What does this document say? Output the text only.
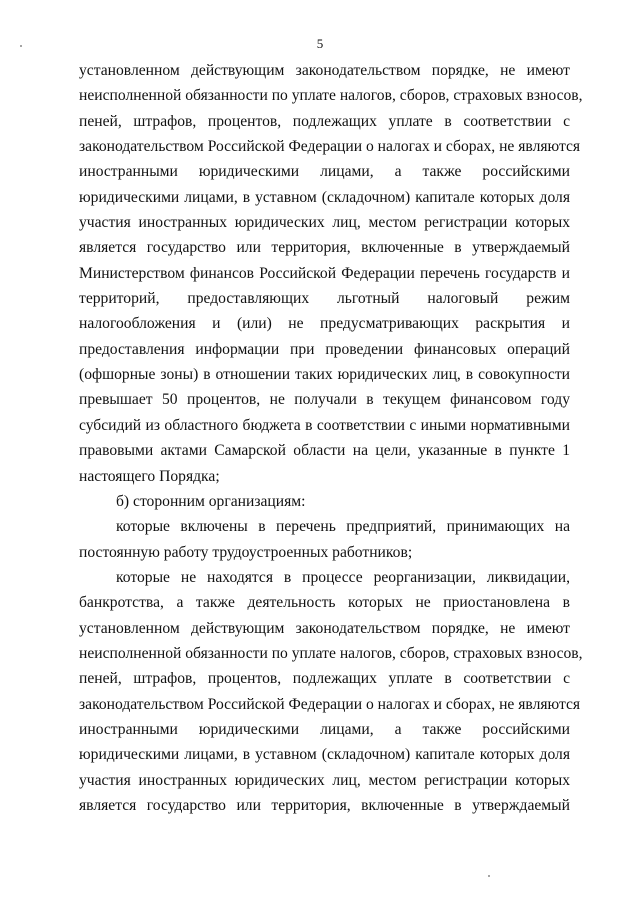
5
установленном действующим законодательством порядке, не имеют
неисполненной обязанности по уплате налогов, сборов, страховых взносов,
пеней, штрафов, процентов, подлежащих уплате в соответствии с
законодательством Российской Федерации о налогах и сборах, не являются
иностранными юридическими лицами, а также российскими
юридическими лицами, в уставном (складочном) капитале которых доля
участия иностранных юридических лиц, местом регистрации которых
является государство или территория, включенные в утверждаемый
Министерством финансов Российской Федерации перечень государств и
территорий, предоставляющих льготный налоговый режим
налогообложения и (или) не предусматривающих раскрытия и
предоставления информации при проведении финансовых операций
(офшорные зоны) в отношении таких юридических лиц, в совокупности
превышает 50 процентов, не получали в текущем финансовом году
субсидий из областного бюджета в соответствии с иными нормативными
правовыми актами Самарской области на цели, указанные в пункте 1
настоящего Порядка;
б) сторонним организациям:
которые включены в перечень предприятий, принимающих на
постоянную работу трудоустроенных работников;
которые не находятся в процессе реорганизации, ликвидации,
банкротства, а также деятельность которых не приостановлена в
установленном действующим законодательством порядке, не имеют
неисполненной обязанности по уплате налогов, сборов, страховых взносов,
пеней, штрафов, процентов, подлежащих уплате в соответствии с
законодательством Российской Федерации о налогах и сборах, не являются
иностранными юридическими лицами, а также российскими
юридическими лицами, в уставном (складочном) капитале которых доля
участия иностранных юридических лиц, местом регистрации которых
является государство или территория, включенные в утверждаемый
